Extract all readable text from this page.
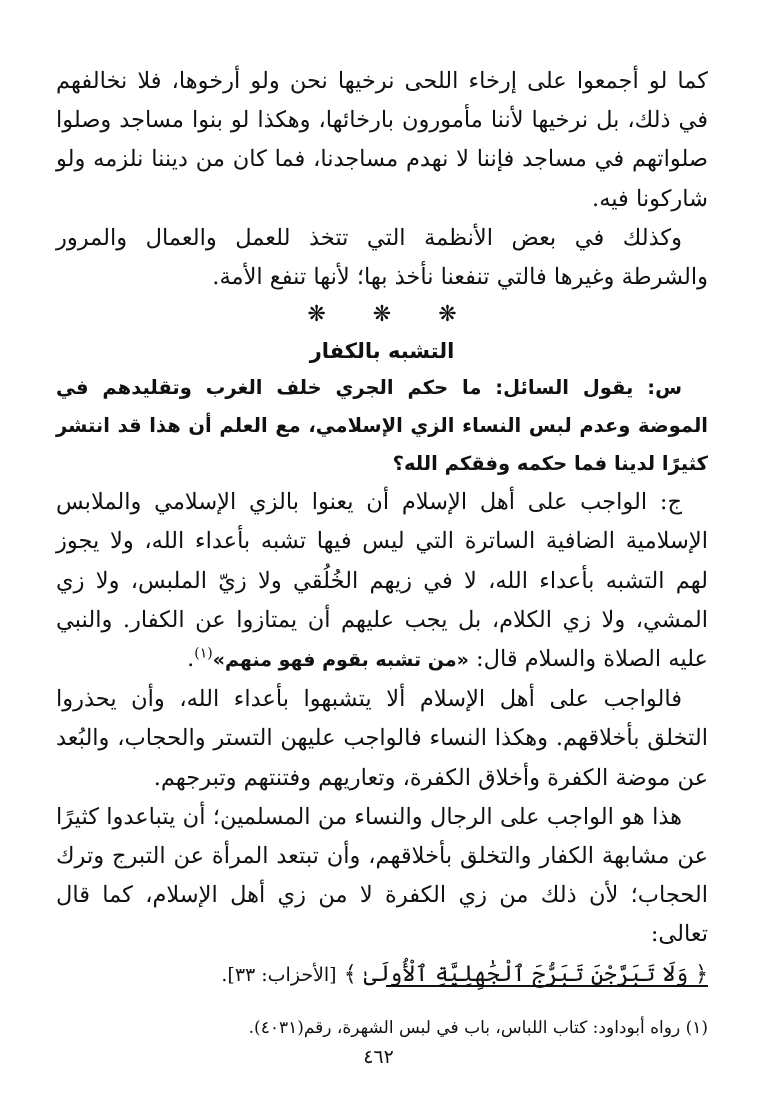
كما لو أجمعوا على إرخاء اللحى نرخيها نحن ولو أرخوها، فلا نخالفهم في ذلك، بل نرخيها لأننا مأمورون بارخائها، وهكذا لو بنوا مساجد وصلوا صلواتهم في مساجد فإننا لا نهدم مساجدنا، فما كان من ديننا نلزمه ولو شاركونا فيه.

وكذلك في بعض الأنظمة التي تتخذ للعمل والعمال والمرور والشرطة وغيرها فالتي تنفعنا نأخذ بها؛ لأنها تنفع الأمة.

❋ ❋ ❋

التشبه بالكفار

س: يقول السائل: ما حكم الجري خلف الغرب وتقليدهم في الموضة وعدم لبس النساء الزي الإسلامي، مع العلم أن هذا قد انتشر كثيرًا لدينا فما حكمه وفقكم الله؟

ج: الواجب على أهل الإسلام أن يعنوا بالزي الإسلامي والملابس الإسلامية الضافية الساترة التي ليس فيها تشبه بأعداء الله، ولا يجوز لهم التشبه بأعداء الله، لا في زيهم الخُلُقي ولا زيّ الملبس، ولا زي المشي، ولا زي الكلام، بل يجب عليهم أن يمتازوا عن الكفار. والنبي عليه الصلاة والسلام قال: «من تشبه بقوم فهو منهم»$^{(١)}$.

فالواجب على أهل الإسلام ألا يتشبهوا بأعداء الله، وأن يحذروا التخلق بأخلاقهم. وهكذا النساء فالواجب عليهن التستر والحجاب، والبُعد عن موضة الكفرة وأخلاق الكفرة، وتعاريهم وفتنتهم وتبرجهم.

هذا هو الواجب على الرجال والنساء من المسلمين؛ أن يتباعدوا كثيرًا عن مشابهة الكفار والتخلق بأخلاقهم، وأن تبتعد المرأة عن التبرج وترك الحجاب؛ لأن ذلك من زي الكفرة لا من زي أهل الإسلام، كما قال تعالى:

﴿ وَلَا تَبَرَّجْنَ تَبَرُّجَ ٱلْجَٰهِلِيَّةِ ٱلْأُولَىٰ ﴾ [الأحزاب: ٣٣].

(١) رواه أبوداود: كتاب اللباس، باب في لبس الشهرة، رقم(٤٠٣١).

٤٦٢
